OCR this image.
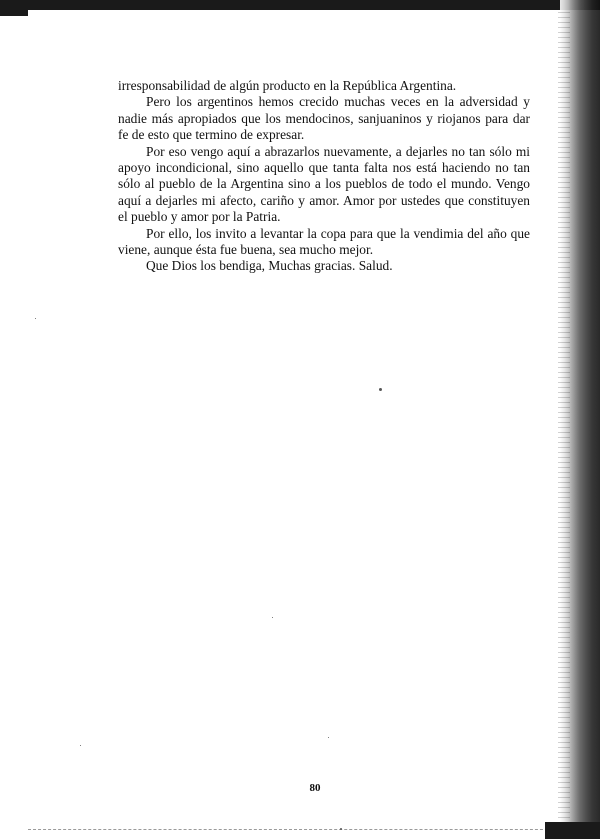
irresponsabilidad de algún producto en la República Argentina.

Pero los argentinos hemos crecido muchas veces en la adversidad y nadie más apropiados que los mendocinos, sanjuaninos y riojanos para dar fe de esto que termino de expresar.

Por eso vengo aquí a abrazarlos nuevamente, a dejarles no tan sólo mi apoyo incondicional, sino aquello que tanta falta nos está haciendo no tan sólo al pueblo de la Argentina sino a los pueblos de todo el mundo. Vengo aquí a dejarles mi afecto, cariño y amor. Amor por ustedes que constituyen el pueblo y amor por la Patria.

Por ello, los invito a levantar la copa para que la vendimia del año que viene, aunque ésta fue buena, sea mucho mejor.

Que Dios los bendiga, Muchas gracias. Salud.

80
